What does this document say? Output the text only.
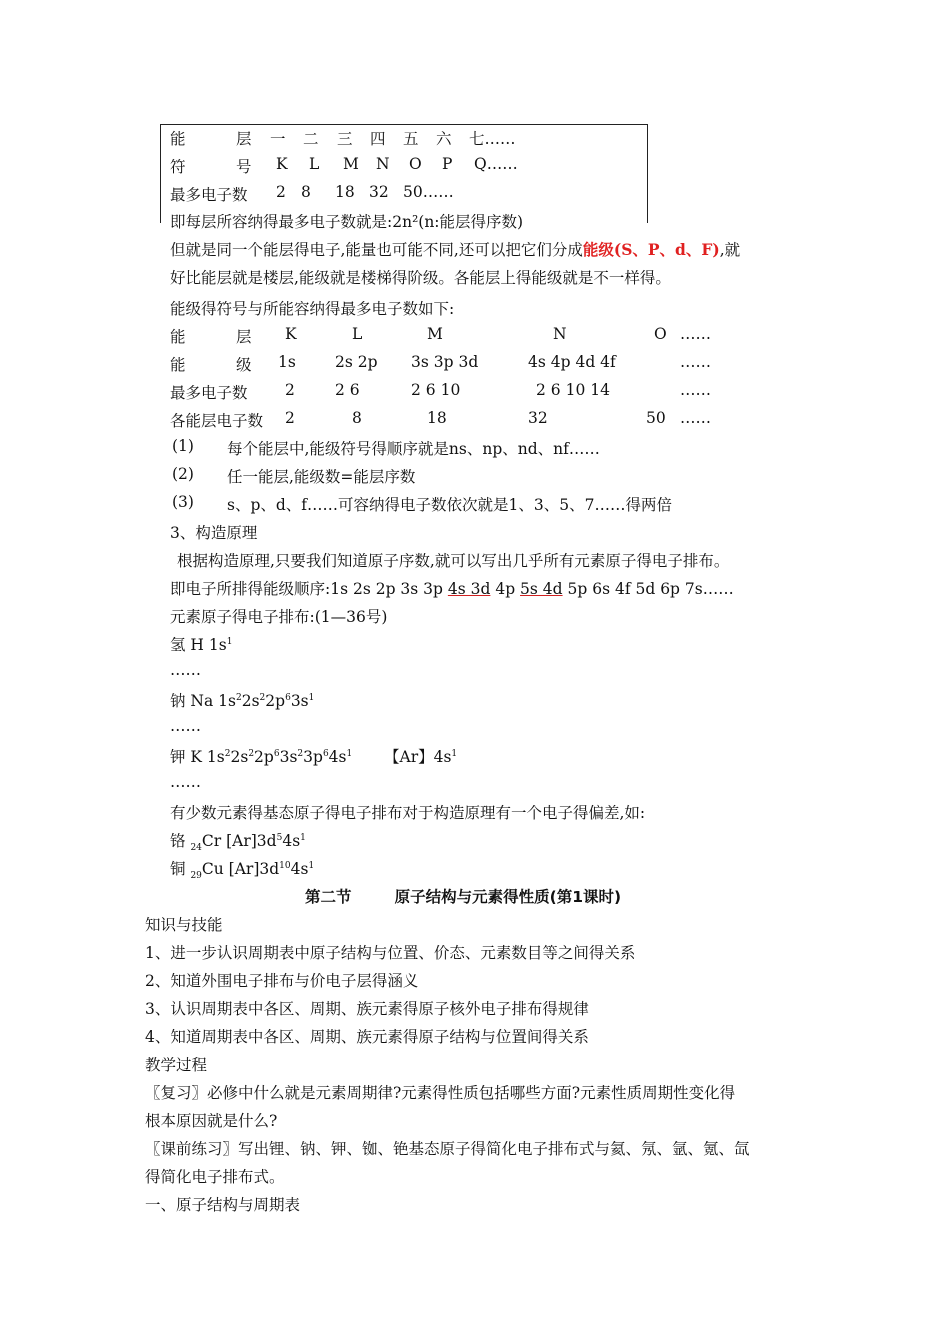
能	层 一 二 三 四 五 六 七……
符	号 K L M N O P Q……
最多电子数 2 8 18 32 50……
即每层所容纳得最多电子数就是:2n²(n:能层得序数)
但就是同一个能层得电子,能量也可能不同,还可以把它们分成能级(S、P、d、F),就
好比能层就是楼层,能级就是楼梯得阶级。各能层上得能级就是不一样得。
能级得符号与所能容纳得最多电子数如下:
能	层 K	L	M	N	O ……
能	级 1s	2s 2p 3s 3p 3d	4s 4p 4d 4f	……
最多电子数 2	2 6	2 6 10	2 6 10 14	……
各能层电子数 2	8	18	32	50 ……
(1) 每个能层中,能级符号得顺序就是ns、np、nd、nf……
(2) 任一能层,能级数=能层序数
(3) s、p、d、f……可容纳得电子数依次就是1、3、5、7……得两倍
3、构造原理
根据构造原理,只要我们知道原子序数,就可以写出几乎所有元素原子得电子排布。
即电子所排得能级顺序:1s 2s 2p 3s 3p 4s 3d 4p 5s 4d 5p 6s 4f 5d 6p 7s……
元素原子得电子排布:(1—36号)
氢 H $1s^1$
……
钠 Na $1s^22s^22p^63s^1$
……
钾 K $1s^22s^22p^63s^23p^64s^1$ 【Ar】$4s^1$
……
有少数元素得基态原子得电子排布对于构造原理有一个电子得偏差,如:
铬 $_{24}$Cr $[Ar]3d^54s^1$
铜 $_{29}$Cu $[Ar]3d^{10}4s^1$
第二节        原子结构与元素得性质(第1课时)
知识与技能
1、进一步认识周期表中原子结构与位置、价态、元素数目等之间得关系
2、知道外围电子排布与价电子层得涵义
3、认识周期表中各区、周期、族元素得原子核外电子排布得规律
4、知道周期表中各区、周期、族元素得原子结构与位置间得关系
教学过程
〖复习〗必修中什么就是元素周期律?元素得性质包括哪些方面?元素性质周期性变化得
根本原因就是什么?
〖课前练习〗写出锂、钠、钾、铷、铯基态原子得简化电子排布式与氦、氖、氩、氪、氙
得简化电子排布式。
一、原子结构与周期表
